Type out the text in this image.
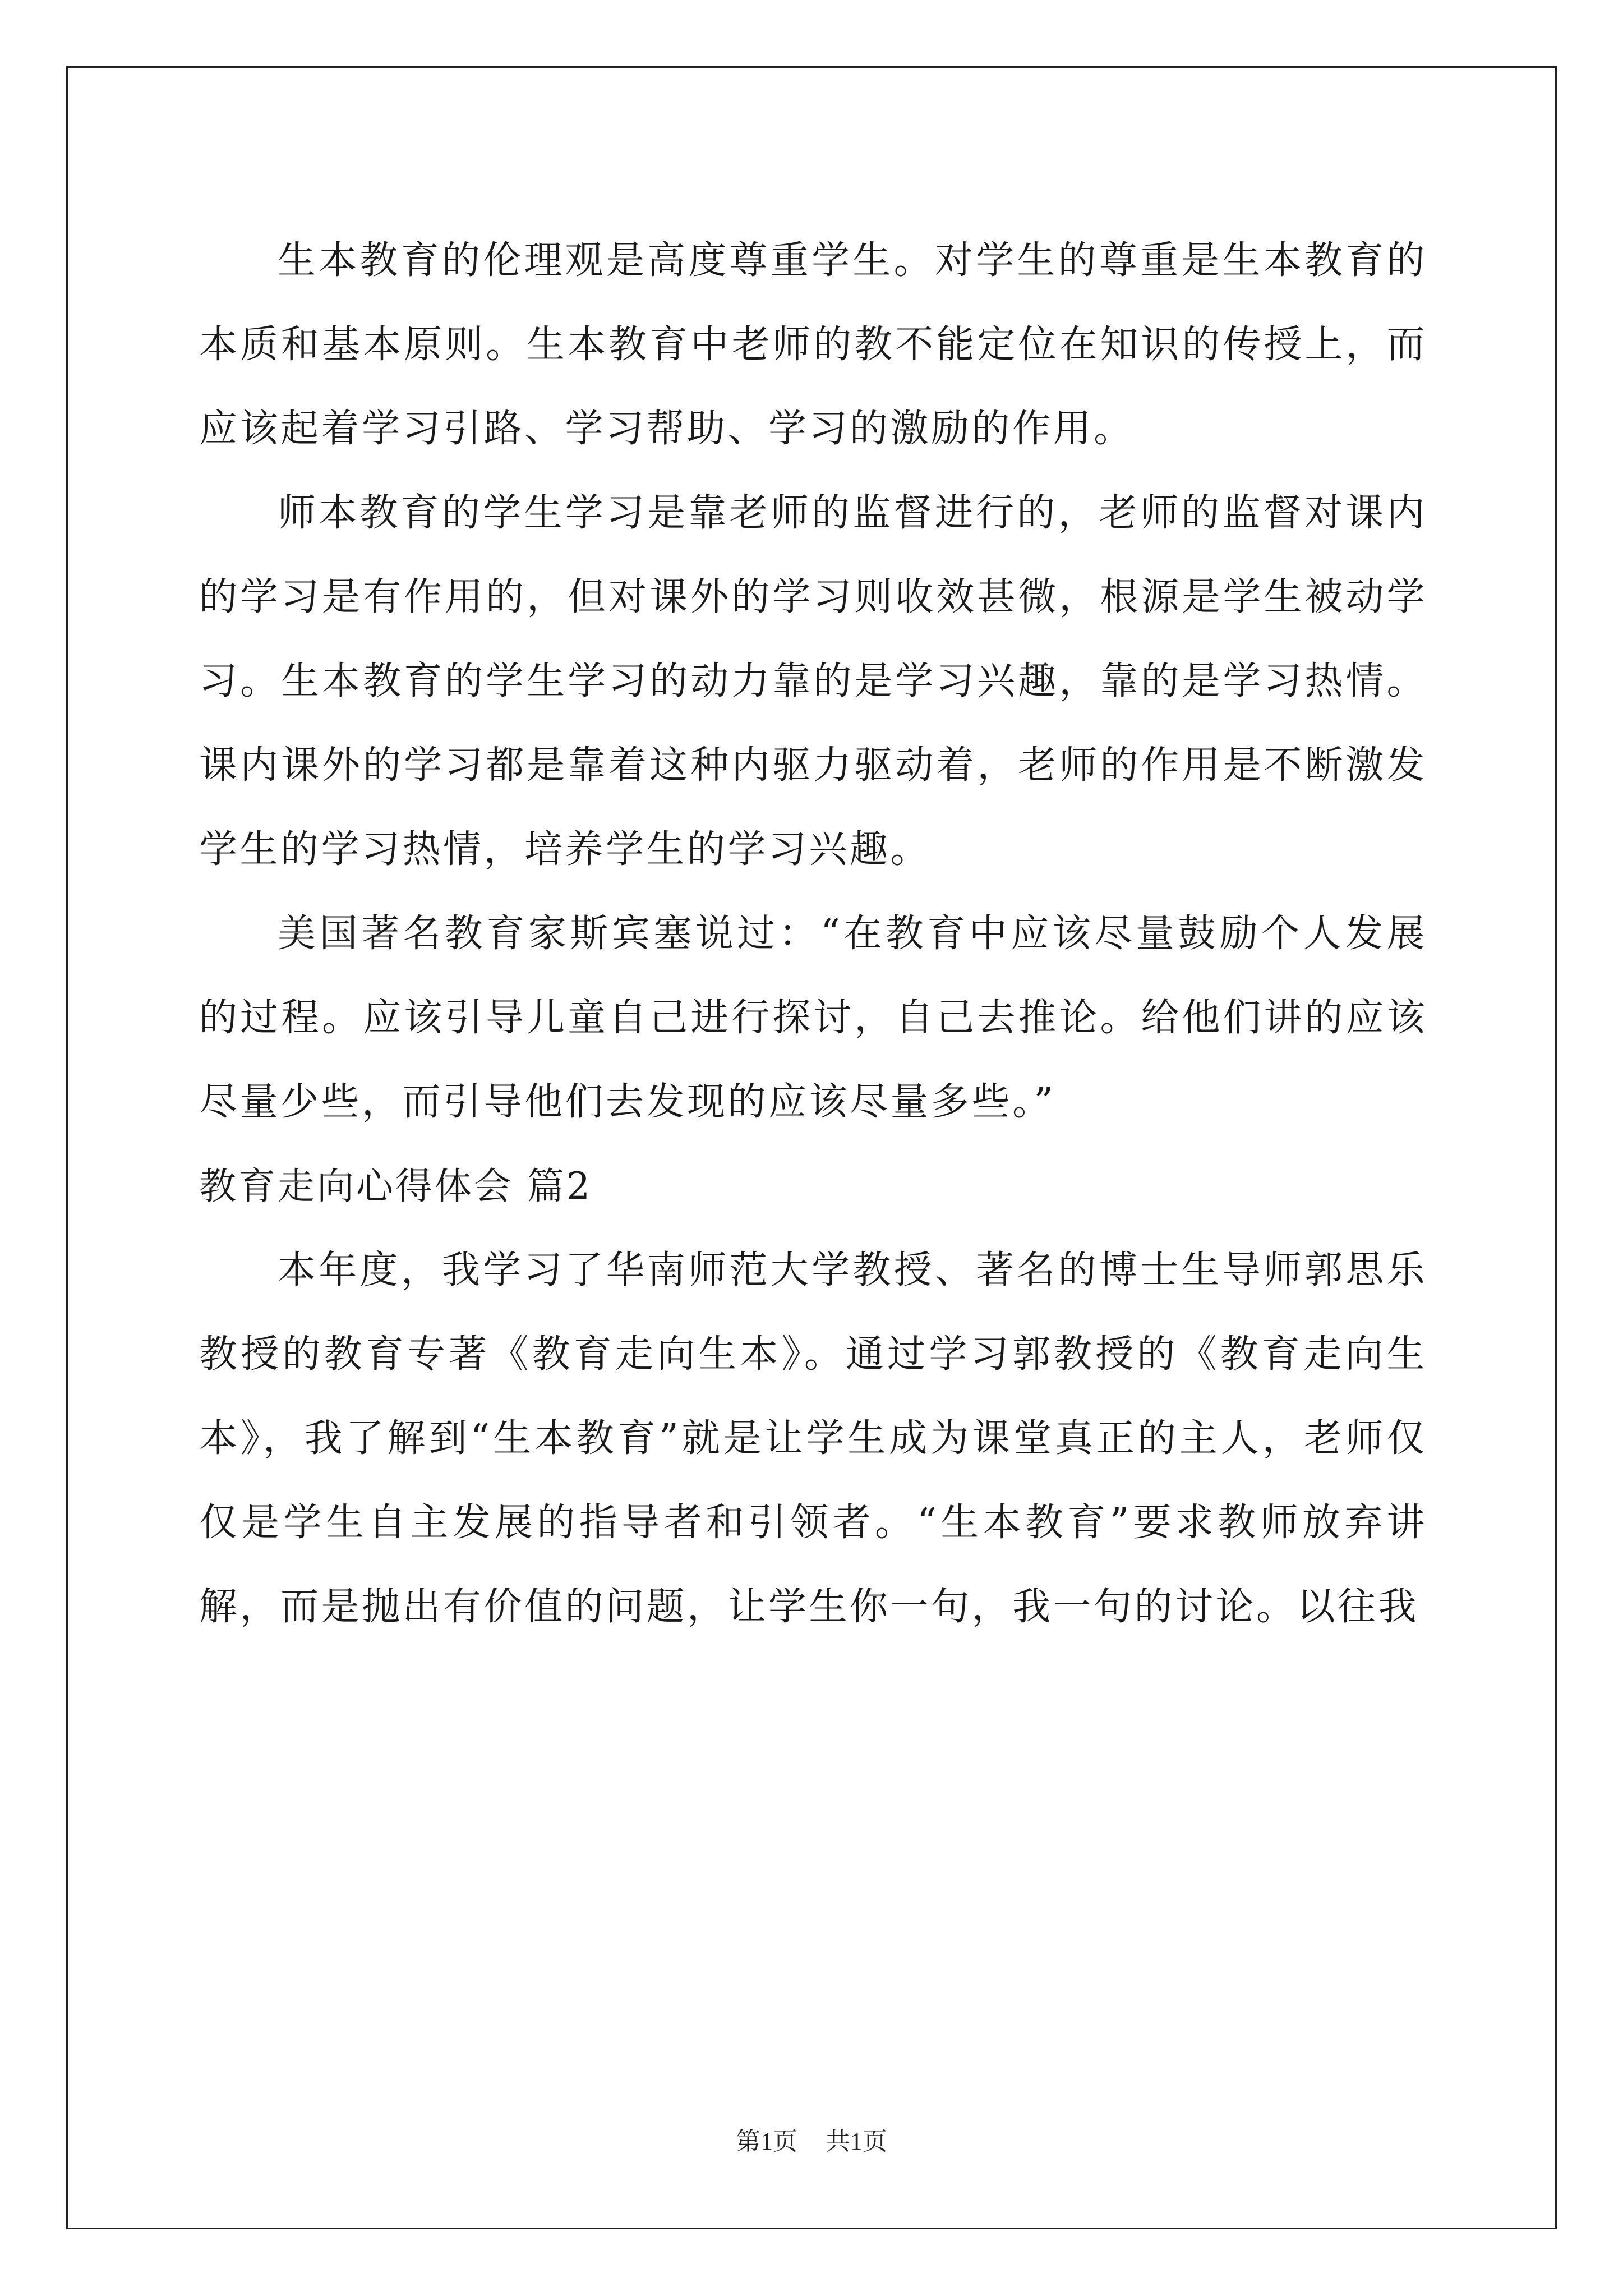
生本教育的伦理观是高度尊重学生。对学生的尊重是生本教育的本质和基本原则。生本教育中老师的教不能定位在知识的传授上，而应该起着学习引路、学习帮助、学习的激励的作用。

师本教育的学生学习是靠老师的监督进行的，老师的监督对课内的学习是有作用的，但对课外的学习则收效甚微，根源是学生被动学习。生本教育的学生学习的动力靠的是学习兴趣，靠的是学习热情。课内课外的学习都是靠着这种内驱力驱动着，老师的作用是不断激发学生的学习热情，培养学生的学习兴趣。

美国著名教育家斯宾塞说过：“在教育中应该尽量鼓励个人发展的过程。应该引导儿童自己进行探讨，自己去推论。给他们讲的应该尽量少些，而引导他们去发现的应该尽量多些。”

教育走向心得体会 篇2

本年度，我学习了华南师范大学教授、著名的博士生导师郭思乐教授的教育专著《教育走向生本》。通过学习郭教授的《教育走向生本》，我了解到“生本教育”就是让学生成为课堂真正的主人，老师仅仅是学生自主发展的指导者和引领者。“生本教育”要求教师放弃讲解，而是抛出有价值的问题，让学生你一句，我一句的讨论。以往我

第1页 共1页
